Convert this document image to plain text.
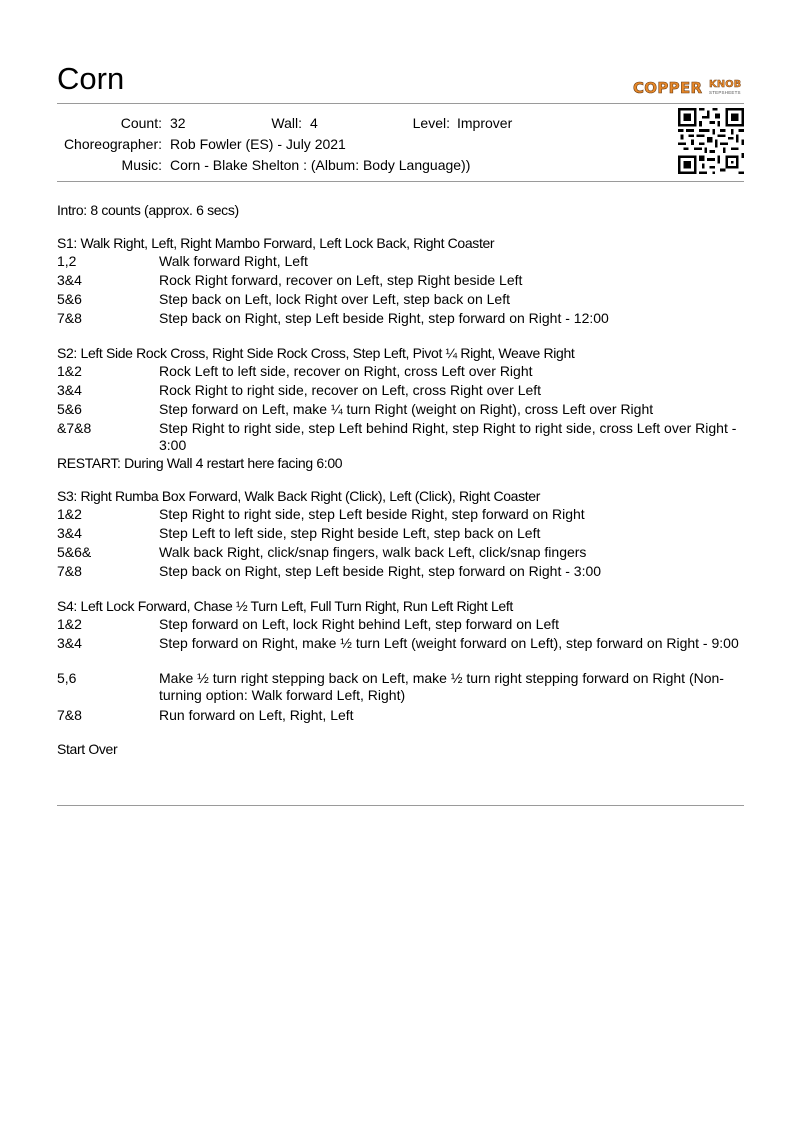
Corn	COPPER KNOB
STEPSHEETS
Count: 32	Wall: 4	Level: Improver
Choreographer: Rob Fowler (ES) - July 2021
Music: Corn - Blake Shelton : (Album: Body Language))
Intro: 8 counts (approx. 6 secs)
S1: Walk Right, Left, Right Mambo Forward, Left Lock Back, Right Coaster
1,2	Walk forward Right, Left
3&4	Rock Right forward, recover on Left, step Right beside Left
5&6	Step back on Left, lock Right over Left, step back on Left
7&8	Step back on Right, step Left beside Right, step forward on Right - 12:00
S2: Left Side Rock Cross, Right Side Rock Cross, Step Left, Pivot ¼ Right, Weave Right
1&2	Rock Left to left side, recover on Right, cross Left over Right
3&4	Rock Right to right side, recover on Left, cross Right over Left
5&6	Step forward on Left, make ¼ turn Right (weight on Right), cross Left over Right
&7&8	Step Right to right side, step Left behind Right, step Right to right side, cross Left over Right - 3:00
RESTART: During Wall 4 restart here facing 6:00
S3: Right Rumba Box Forward, Walk Back Right (Click), Left (Click), Right Coaster
1&2	Step Right to right side, step Left beside Right, step forward on Right
3&4	Step Left to left side, step Right beside Left, step back on Left
5&6&	Walk back Right, click/snap fingers, walk back Left, click/snap fingers
7&8	Step back on Right, step Left beside Right, step forward on Right - 3:00
S4: Left Lock Forward, Chase ½ Turn Left, Full Turn Right, Run Left Right Left
1&2	Step forward on Left, lock Right behind Left, step forward on Left
3&4	Step forward on Right, make ½ turn Left (weight forward on Left), step forward on Right - 9:00
5,6	Make ½ turn right stepping back on Left, make ½ turn right stepping forward on Right (Non-turning option: Walk forward Left, Right)
7&8	Run forward on Left, Right, Left
Start Over
